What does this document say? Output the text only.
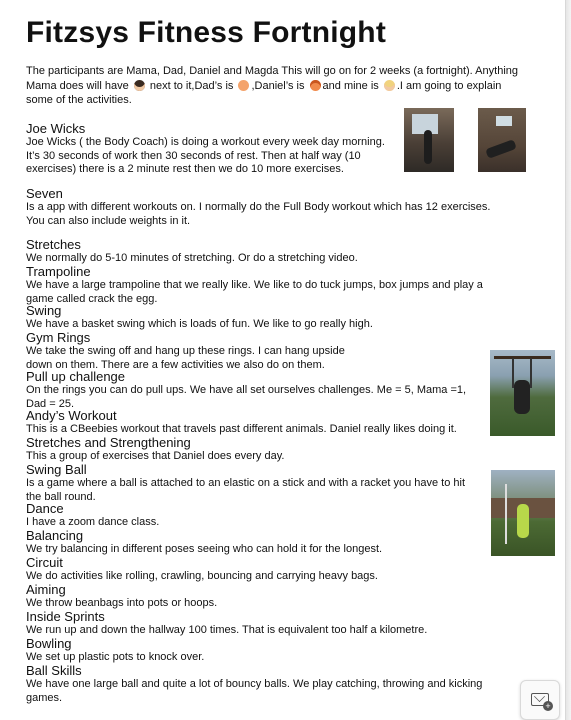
Fitzsys Fitness Fortnight
The participants are Mama, Dad, Daniel and Magda This will go on for 2 weeks (a fortnight). Anything Mama does will have next to it,Dad’s is ,Daniel’s is and mine is .I am going to explain some of the activities.
Joe Wicks
Joe Wicks ( the Body Coach) is doing a workout every week day morning.
It’s 30 seconds of work then 30 seconds of rest. Then at half way (10
exercises) there is a 2 minute rest then we do 10 more exercises.
Seven
Is a app with different workouts on. I normally do the Full Body workout which has 12 exercises.
You can also include weights in it.
Stretches
We normally do 5-10 minutes of stretching. Or do a stretching video.
Trampoline
We have a large trampoline that we really like. We like to do tuck jumps, box jumps and play a
game called crack the egg.
Swing
We have a basket swing which is loads of fun. We like to go really high.
Gym Rings
We take the swing off and hang up these rings. I can hang upside
down on them. There are a few activities we also do on them.
Pull up challenge
On the rings you can do pull ups. We have all set ourselves challenges. Me = 5, Mama =1,
Dad = 25.
Andy’s Workout
This is a CBeebies workout that travels past different animals. Daniel really likes doing it.
Stretches and Strengthening
This a group of exercises that Daniel does every day.
Swing Ball
Is a game where a ball is attached to an elastic on a stick and with a racket you have to hit
the ball round.
Dance
I have a zoom dance class.
Balancing
We try balancing in different poses seeing who can hold it for the longest.
Circuit
We do activities like rolling, crawling, bouncing and carrying heavy bags.
Aiming
We throw beanbags into pots or hoops.
Inside Sprints
We run up and down the hallway 100 times. That is equivalent too half a kilometre.
Bowling
We set up plastic pots to knock over.
Ball Skills
We have one large ball and quite a lot of bouncy balls. We play catching, throwing and kicking
games.
+
